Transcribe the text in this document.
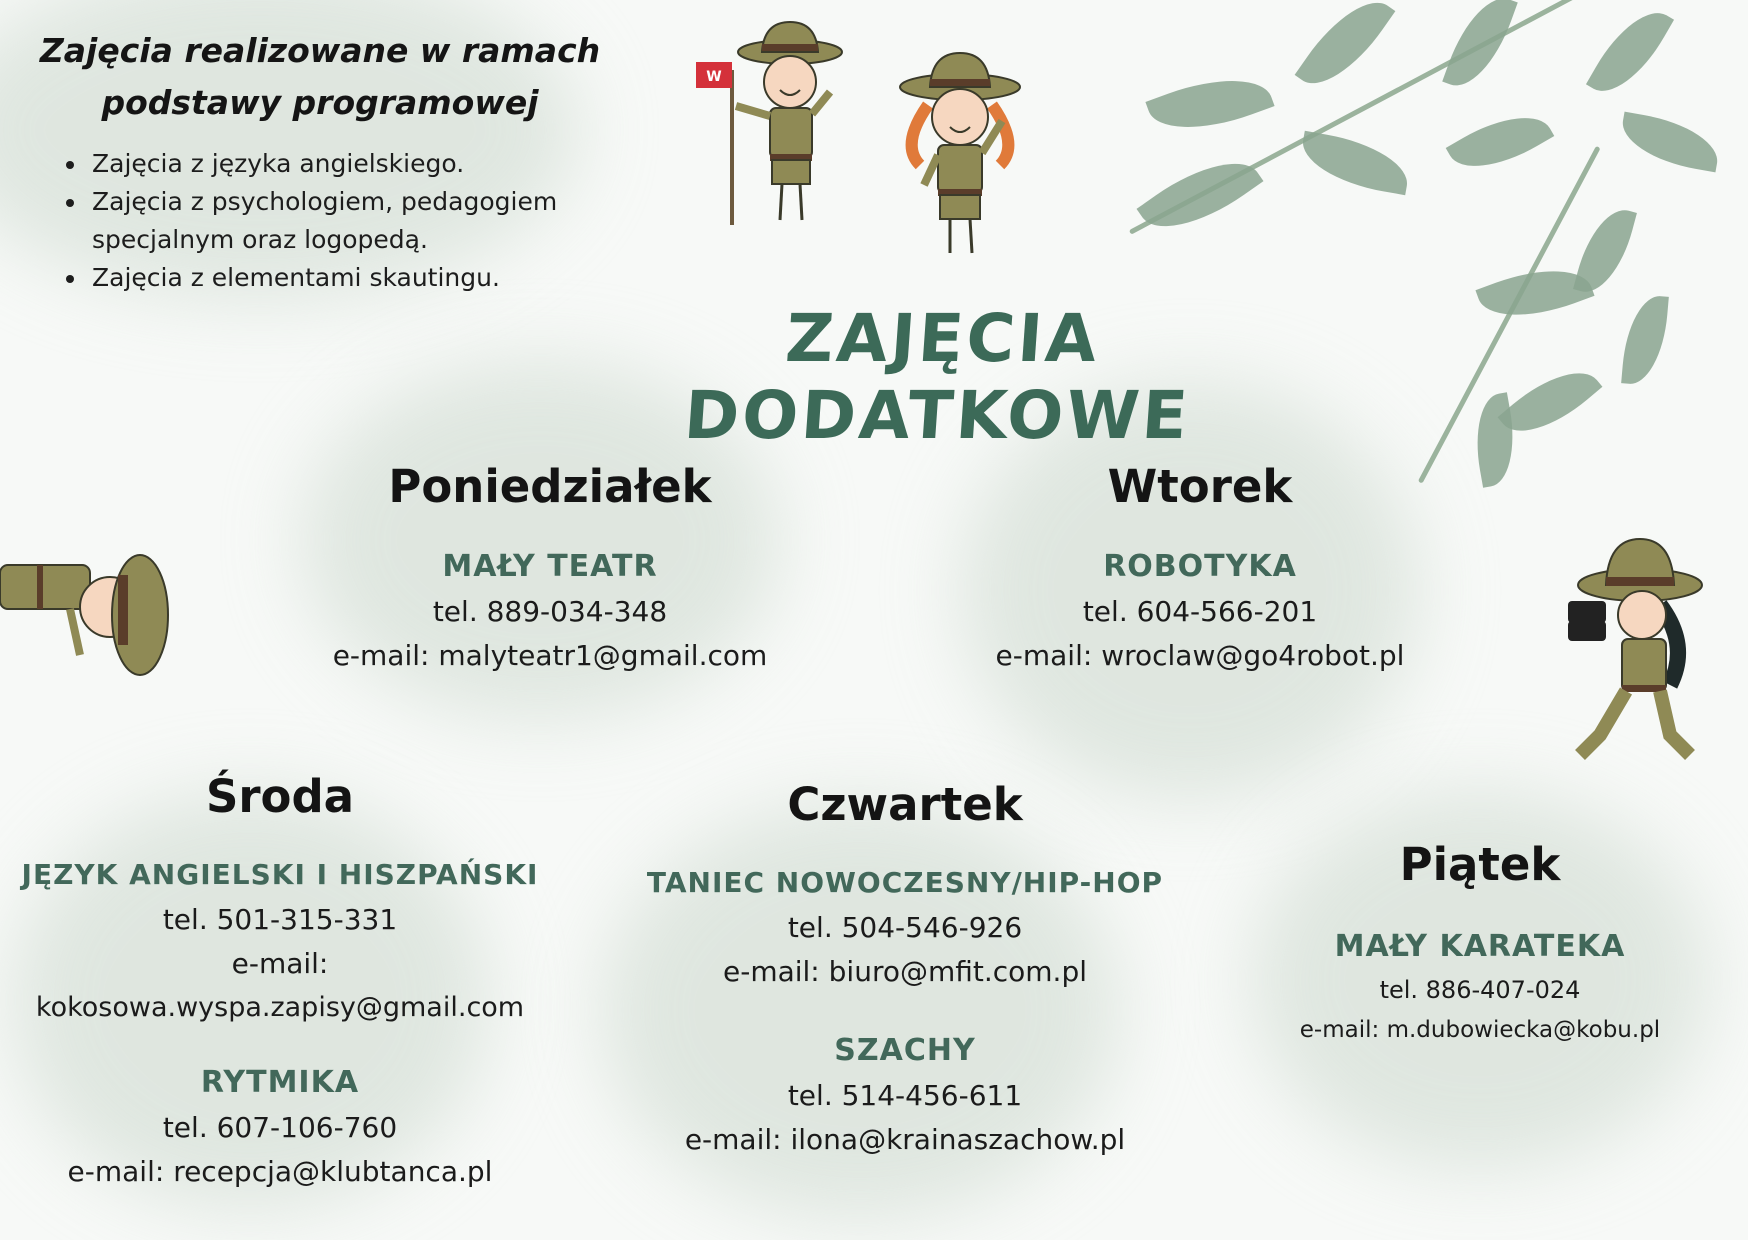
Zajęcia realizowane w ramach
podstawy programowej

• Zajęcia z języka angielskiego.
• Zajęcia z psychologiem, pedagogiem specjalnym oraz logopedą.
• Zajęcia z elementami skautingu.
W
ZAJĘCIA DODATKOWE
Poniedziałek
MAŁY TEATR
tel. 889-034-348
e-mail: malyteatr1@gmail.com
Wtorek
ROBOTYKA
tel. 604-566-201
e-mail: wroclaw@go4robot.pl
Środa
JĘZYK ANGIELSKI I HISZPAŃSKI
tel. 501-315-331
e-mail:
kokosowa.wyspa.zapisy@gmail.com
RYTMIKA
tel. 607-106-760
e-mail: recepcja@klubtanca.pl
Czwartek
TANIEC NOWOCZESNY/HIP-HOP
tel. 504-546-926
e-mail: biuro@mfit.com.pl
SZACHY
tel. 514-456-611
e-mail: ilona@krainaszachow.pl
Piątek
MAŁY KARATEKA
tel. 886-407-024
e-mail: m.dubowiecka@kobu.pl
